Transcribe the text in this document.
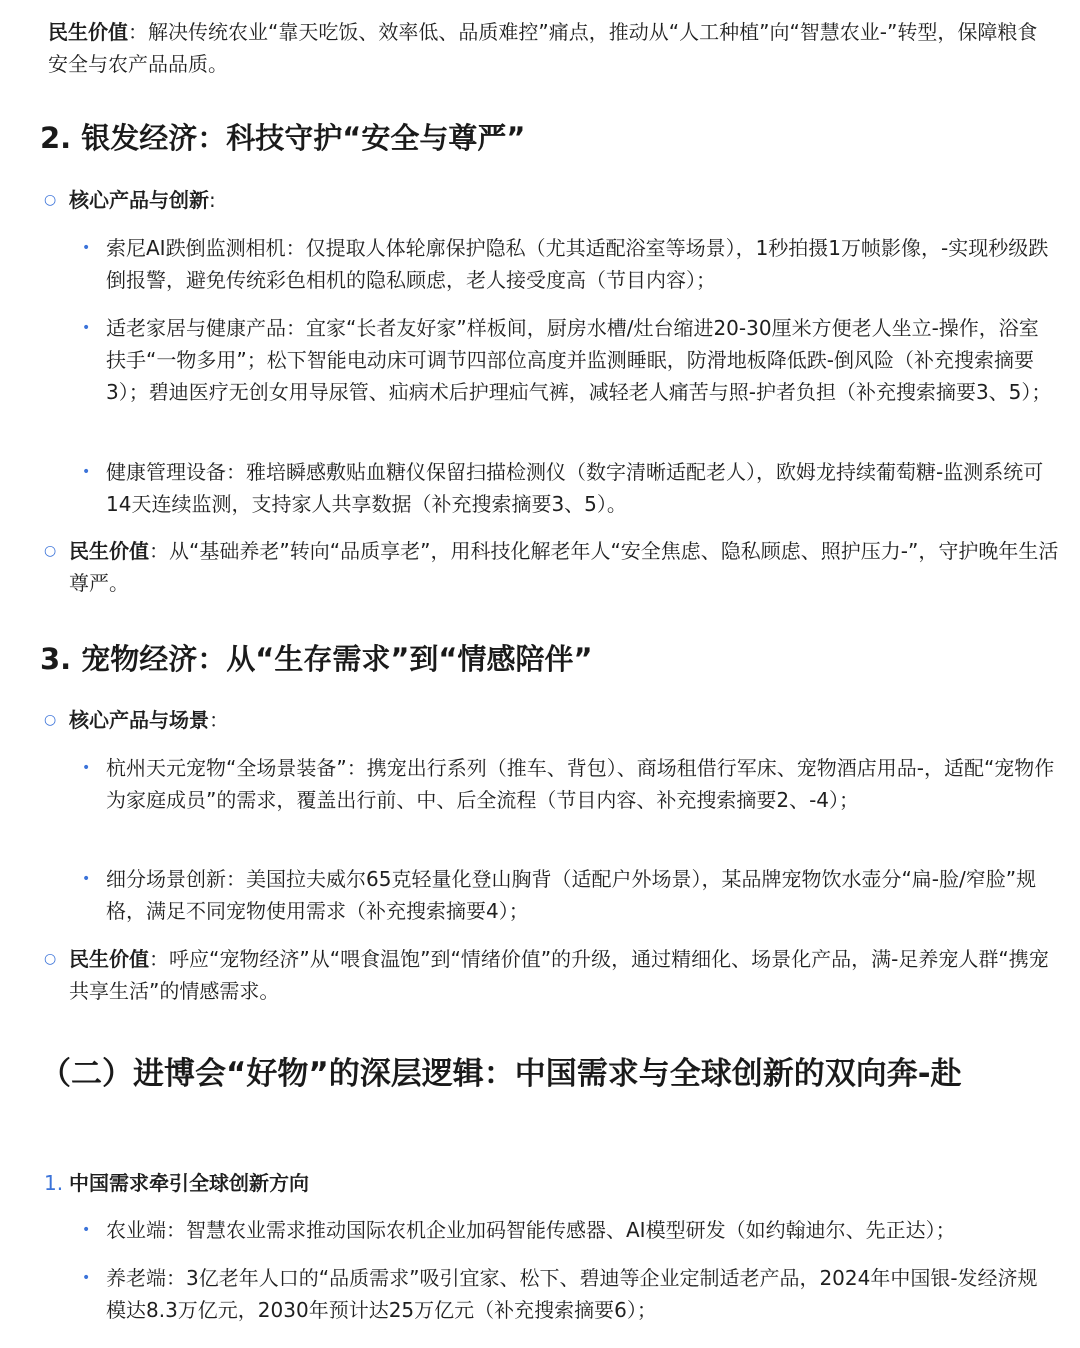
民生价值：解决传统农业“靠天吃饭、效率低、品质难控”痛点，推动从“人工种植”向“智慧农业-”转型，保障粮食安全与农产品品质。
2. 银发经济：科技守护“安全与尊严”
○ 核心产品与创新:
• 索尼AI跌倒监测相机：仅提取人体轮廓保护隐私（尤其适配浴室等场景），1秒拍摄1万帧影像，-实现秒级跌倒报警，避免传统彩色相机的隐私顾虑，老人接受度高（节目内容）；
• 适老家居与健康产品：宜家“长者友好家”样板间，厨房水槽/灶台缩进20-30厘米方便老人坐立-操作，浴室扶手“一物多用”；松下智能电动床可调节四部位高度并监测睡眠，防滑地板降低跌-倒风险（补充搜索摘要3）；碧迪医疗无创女用导尿管、疝病术后护理疝气裤，减轻老人痛苦与照-护者负担（补充搜索摘要3、5）；
• 健康管理设备：雅培瞬感敷贴血糖仪保留扫描检测仪（数字清晰适配老人），欧姆龙持续葡萄糖-监测系统可14天连续监测，支持家人共享数据（补充搜索摘要3、5）。
○ 民生价值：从“基础养老”转向“品质享老”，用科技化解老年人“安全焦虑、隐私顾虑、照护压力-”，守护晚年生活尊严。
3. 宠物经济：从“生存需求”到“情感陪伴”
○ 核心产品与场景：
• 杭州天元宠物“全场景装备”：携宠出行系列（推车、背包）、商场租借行军床、宠物酒店用品-，适配“宠物作为家庭成员”的需求，覆盖出行前、中、后全流程（节目内容、补充搜索摘要2、-4）；
• 细分场景创新：美国拉夫威尔65克轻量化登山胸背（适配户外场景），某品牌宠物饮水壶分“扁-脸/窄脸”规格，满足不同宠物使用需求（补充搜索摘要4）；
○ 民生价值：呼应“宠物经济”从“喂食温饱”到“情绪价值”的升级，通过精细化、场景化产品，满-足养宠人群“携宠共享生活”的情感需求。
（二）进博会“好物”的深层逻辑：中国需求与全球创新的双向奔-赴
1. 中国需求牵引全球创新方向
• 农业端：智慧农业需求推动国际农机企业加码智能传感器、AI模型研发（如约翰迪尔、先正达）；
• 养老端：3亿老年人口的“品质需求”吸引宜家、松下、碧迪等企业定制适老产品，2024年中国银-发经济规模达8.3万亿元，2030年预计达25万亿元（补充搜索摘要6）；
